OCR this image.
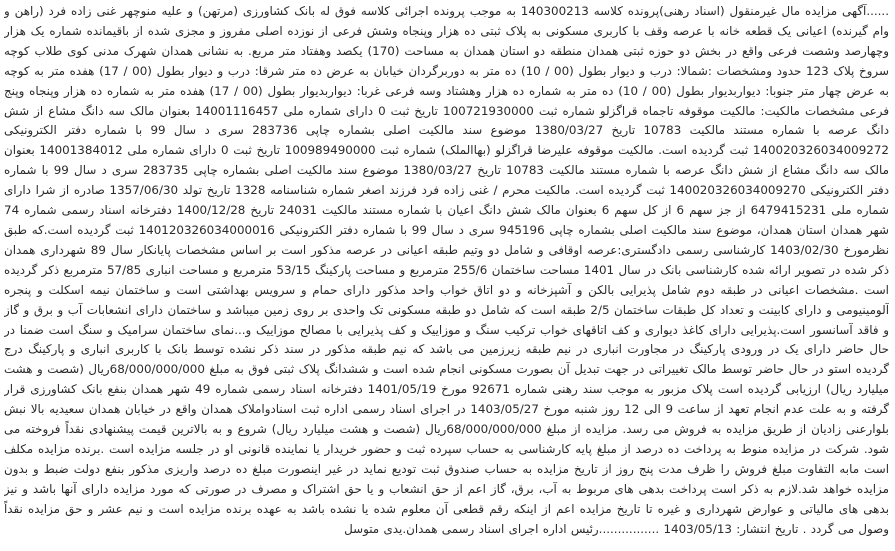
......آگهی مزایده مال غیرمنقول (اسناد رهنی)پرونده کلاسه 140300213 به موجب پرونده اجرائی کلاسه فوق له بانک کشاورزی (مرتهن) و علیه منوچهر غنی زاده فرد (راهن و وام گیرنده) اعیانی یک قطعه خانه با عرصه وقف با کاربری مسکونی به پلاک ثبتی ده هزار وپنجاه وشش فرعی از نوزده اصلی مفروز و مجزی شده از باقیمانده شماره یک هزار وچهارصد وشصت فرعی واقع در بخش دو حوزه ثبتی همدان منطقه دو استان همدان به مساحت (170) یکصد وهفتاد متر مربع. به نشانی همدان شهرک مدنی کوی طلاب کوچه سروخ پلاک 123 حدود ومشخصات :شمالا: درب و دیوار بطول (00 / 10) ده متر به دوربرگردان خیابان به عرض ده متر شرقا: درب و دیوار بطول (00 / 17) هفده متر به کوچه به عرض چهار متر جنوبا: دیواربدیوار بطول (00 / 10) ده متر به شماره ده هزار وهشتاد وسه فرعی غربا: دیواربدیوار بطول (00 / 17) هفده متر به شماره ده هزار وپنجاه وپنج فرعی مشخصات مالکیت: مالکیت موقوفه تاجماه قراگزلو شماره ثبت 100721930000 تاریخ ثبت 0 دارای شماره ملی 14001116457 بعنوان مالک سه دانگ مشاع از شش دانگ عرصه با شماره مستند مالکیت 10783 تاریخ 1380/03/27 موضوع سند مالکیت اصلی بشماره چاپی 283736 سری د سال 99 با شماره دفتر الکترونیکی 140020326034009272 ثبت گردیده است. مالکیت موقوفه علیرضا قراگزلو (بهاالملک) شماره ثبت 100989490000 تاریخ ثبت 0 دارای شماره ملی 14001384012 بعنوان مالک سه دانگ مشاع از شش دانگ عرصه با شماره مستند مالکیت 10783 تاریخ 1380/03/27 موضوع سند مالکیت اصلی بشماره چاپی 283735 سری د سال 99 با شماره دفتر الکترونیکی 140020326034009270 ثبت گردیده است. مالکیت محرم / غنی زاده فرد فرزند اصغر شماره شناسنامه 1328 تاریخ تولد 1357/06/30 صادره از شرا دارای شماره ملی 6479415231 از جز سهم 6 از کل سهم 6 بعنوان مالک شش دانگ اعیان با شماره مستند مالکیت 24031 تاریخ 1400/12/28 دفترخانه اسناد رسمی شماره 74 شهر همدان استان همدان، موضوع سند مالکیت اصلی بشماره چاپی 945196 سری د سال 99 با شماره دفتر الکترونیکی 140120326034000016 ثبت گردیده است.که طبق نظرمورخ 1403/02/30 کارشناسی رسمی دادگستری:عرصه اوقافی و شامل دو وتیم طبقه اعیانی در عرصه مذکور است بر اساس مشخصات پایانکار سال 89 شهرداری همدان ذکر شده در تصویر ارائه شده کارشناسی بانک در سال 1401 مساحت ساختمان 255/6 مترمربع و مساحت پارکینگ 53/15 مترمربع و مساحت انباری 57/85 مترمربع ذکر گردیده است .مشخصات اعیانی در طبقه دوم شامل پذیرایی بالکن و آشپزخانه و دو اتاق خواب واحد مذکور دارای حمام و سرویس بهداشتی است و ساختمان نیمه اسکلت و پنجره آلومینیومی و دارای کابینت و تعداد کل طبقات ساختمان 2/5 طبقه است که شامل دو طبقه مسکونی تک واحدی بر روی زمین میباشد و ساختمان دارای انشعابات آب و برق و گاز و فاقد آسانسور است.پذیرایی دارای کاغذ دیواری و کف اتاقهای خواب ترکیب سنگ و موزاییک و کف پذیرایی با مصالح موزاییک و...نمای ساختمان سرامیک و سنگ است ضمنا در حال حاضر دارای یک در ورودی پارکینگ در مجاورت انباری در نیم طبقه زیرزمین می باشد که نیم طبقه مذکور در سند ذکر نشده توسط بانک با کاربری انباری و پارکینگ درج گردیده استو در حال حاضر توسط مالک تغییراتی در جهت تبدیل آن بصورت مسکونی انجام شده است و ششدانگ پلاک ثبتی فوق به مبلغ 68/000/000/000ریال (شصت و هشت میلیارد ریال) ارزیابی گردیده است پلاک مزبور به موجب سند رهنی شماره 92671 مورخ 1401/05/19 دفترخانه اسناد رسمی شماره 49 شهر همدان بنفع بانک کشاورزی قرار گرفته و به علت عدم انجام تعهد از ساعت 9 الی 12 روز شنبه مورخ 1403/05/27 در اجرای اسناد رسمی اداره ثبت اسنادواملاک همدان واقع در خیابان همدان سعیدیه بالا نبش بلوارعنی زادیان از طریق مزایده به فروش می رسد. مزایده از مبلغ 68/000/000/000ریال (شصت و هشت میلیارد ریال) شروع و به بالاترین قیمت پیشنهادی نقداً فروخته می شود. شرکت در مزایده منوط به پرداخت ده درصد از مبلغ پایه کارشناسی به حساب سپرده ثبت و حضور خریدار یا نماینده قانونی او در جلسه مزایده است .برنده مزایده مکلف است مابه التفاوت مبلغ فروش را ظرف مدت پنج روز از تاریخ مزایده به حساب صندوق ثبت تودیع نماید در غیر اینصورت مبلغ ده درصد واریزی مذکور بنفع دولت ضبط و بدون مزایده خواهد شد.لازم به ذکر است پرداخت بدهی های مربوط به آب، برق، گاز اعم از حق انشعاب و یا حق اشتراک و مصرف در صورتی که مورد مزایده دارای آنها باشد و نیز بدهی های مالیاتی و عوارض شهرداری و غیره تا تاریخ مزایده اعم از اینکه رقم قطعی آن معلوم شده یا نشده باشد به عهده برنده مزایده است و نیم عشر و حق مزایده نقداً وصول می گردد . تاریخ انتشار: 1403/05/13 ................رئیس اداره اجرای اسناد رسمی همدان.یدی متوسل
